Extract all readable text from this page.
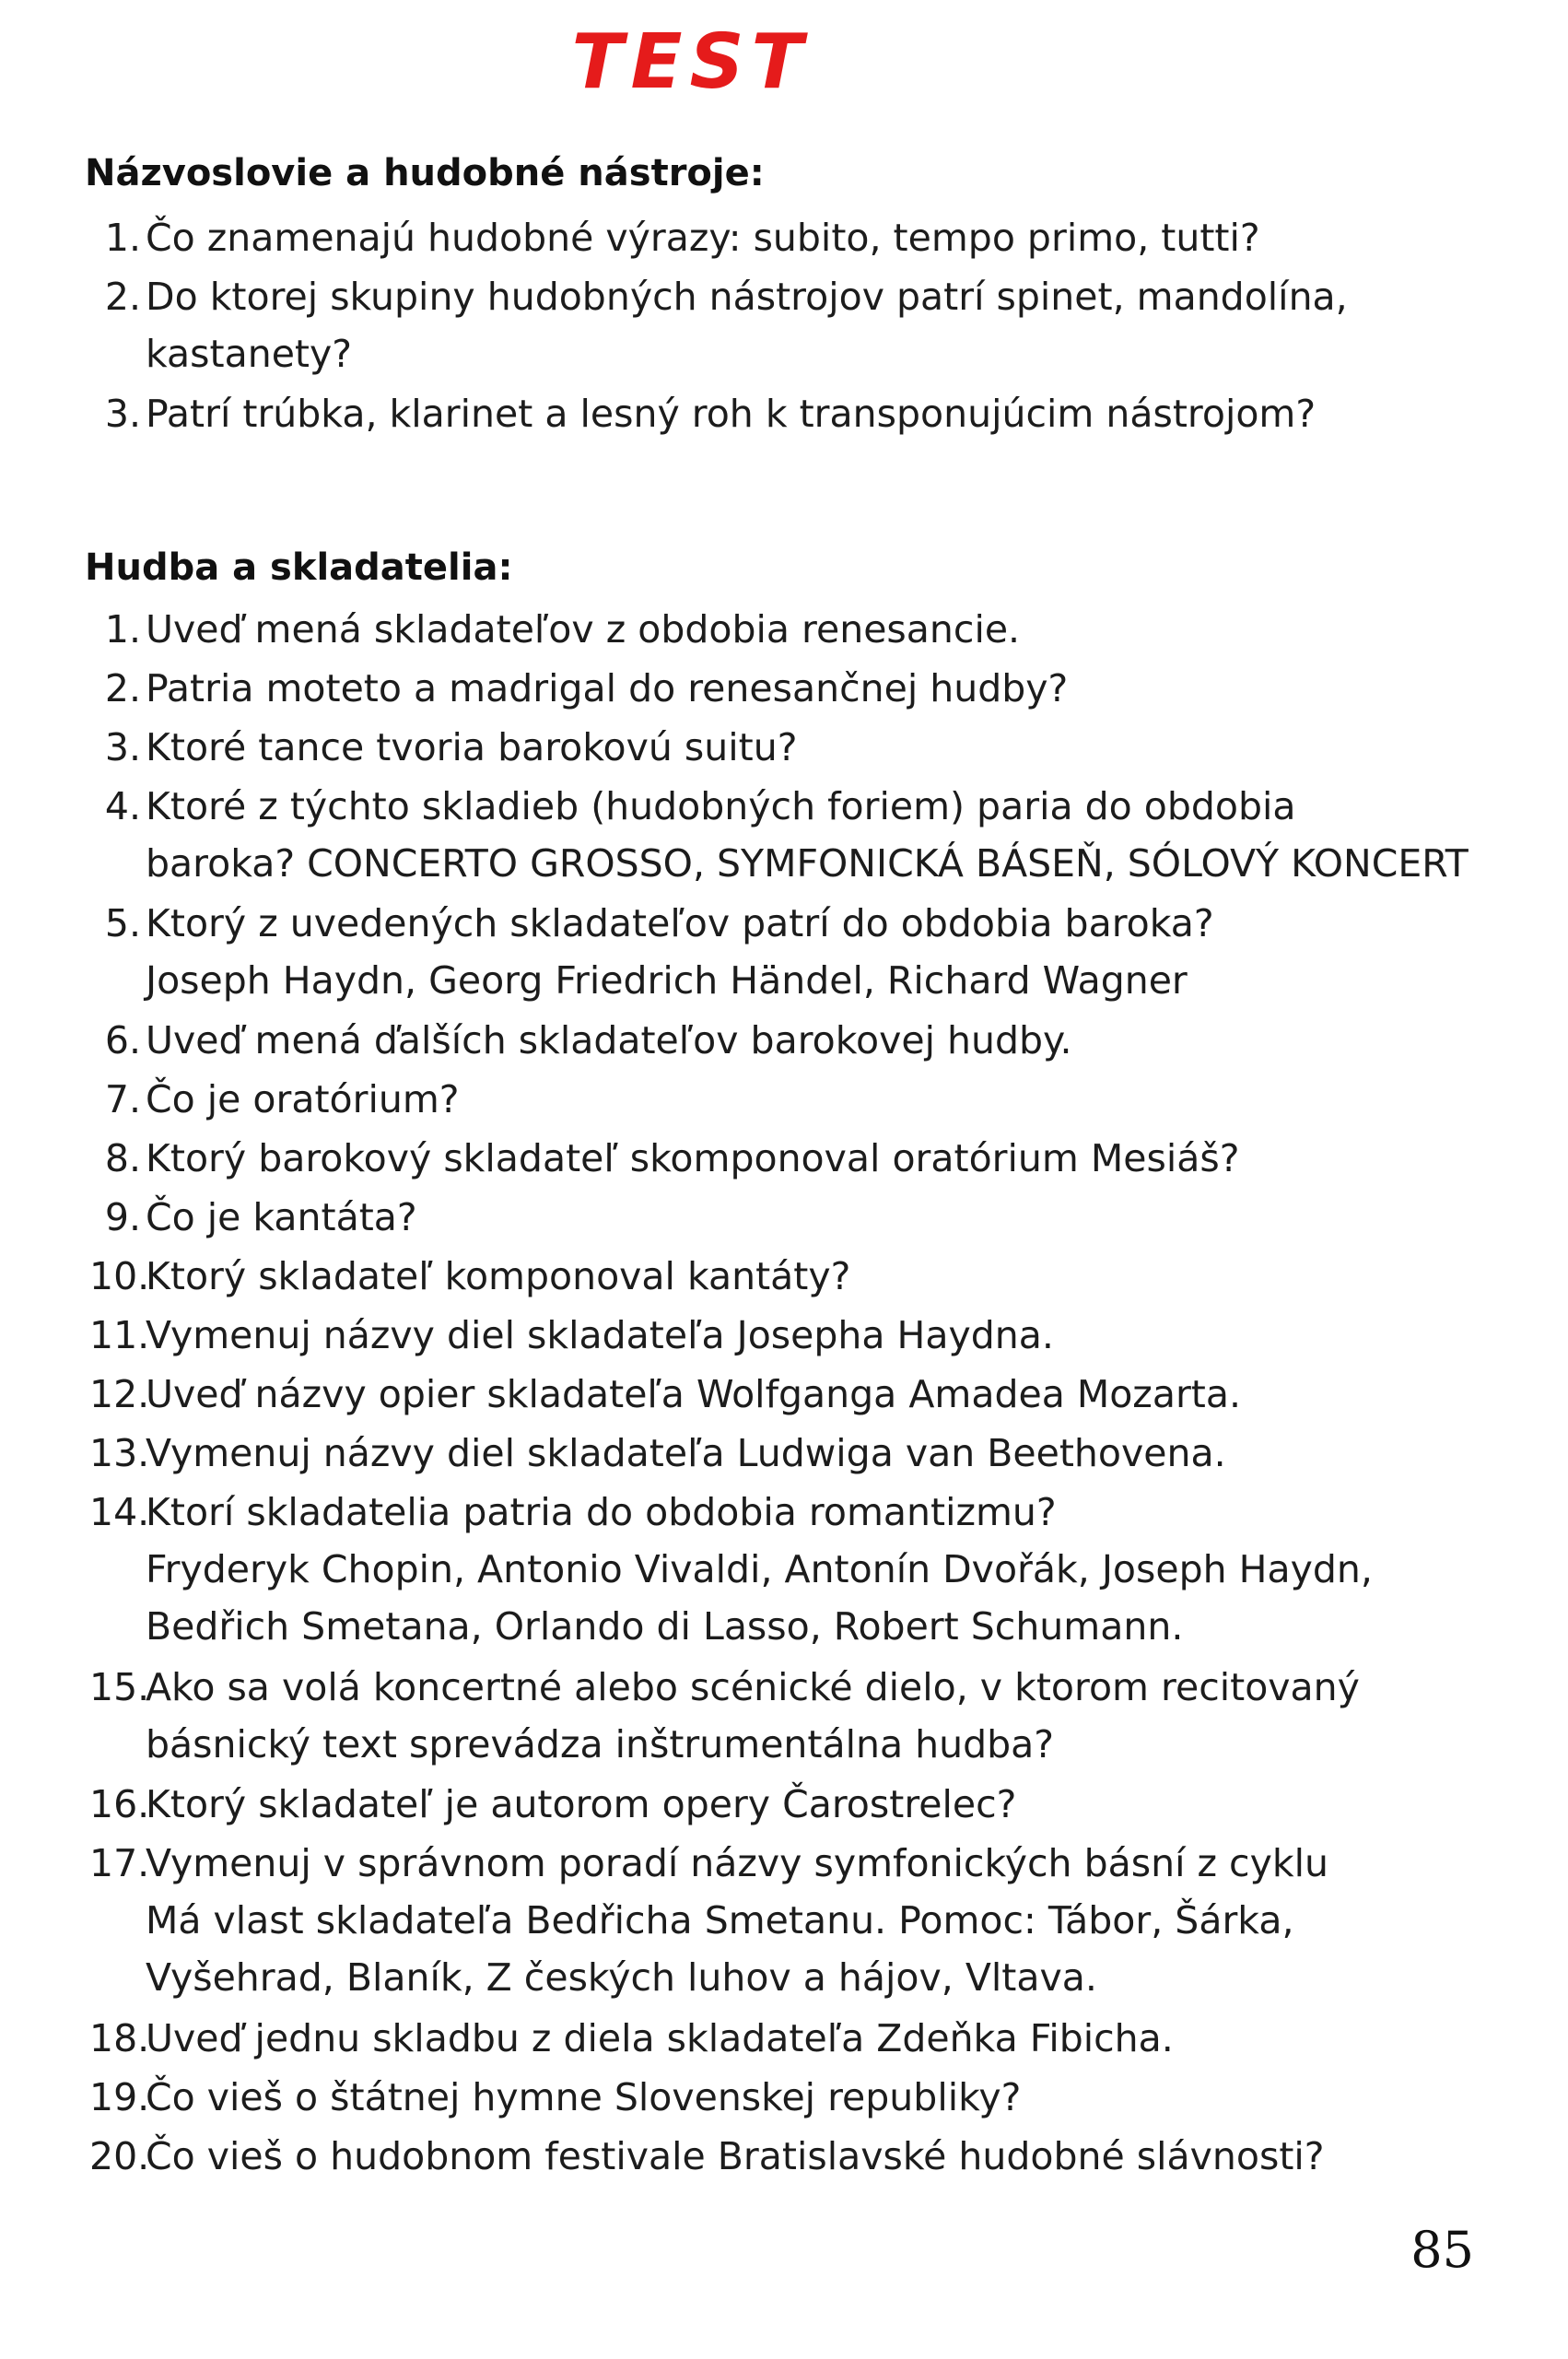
TEST
Názvoslovie a hudobné nástroje:
Hudba a skladatelia:
1. Čo znamenajú hudobné výrazy: subito, tempo primo, tutti?
2. Do ktorej skupiny hudobných nástrojov patrí spinet, mandolína,
kastanety?
3. Patrí trúbka, klarinet a lesný roh k transponujúcim nástrojom?
1. Uveď mená skladateľov z obdobia renesancie.
2. Patria moteto a madrigal do renesančnej hudby?
3. Ktoré tance tvoria barokovú suitu?
4. Ktoré z týchto skladieb (hudobných foriem) paria do obdobia
baroka? CONCERTO GROSSO, SYMFONICKÁ BÁSEŇ, SÓLOVÝ KONCERT
5. Ktorý z uvedených skladateľov patrí do obdobia baroka?
Joseph Haydn, Georg Friedrich Händel, Richard Wagner
6. Uveď mená ďalších skladateľov barokovej hudby.
7. Čo je oratórium?
8. Ktorý barokový skladateľ skomponoval oratórium Mesiáš?
9. Čo je kantáta?
10.
Ktorý skladateľ komponoval kantáty?
11.
Vymenuj názvy diel skladateľa Josepha Haydna.
12.
Uveď názvy opier skladateľa Wolfganga Amadea Mozarta.
13.
Vymenuj názvy diel skladateľa Ludwiga van Beethovena.
14.
Ktorí skladatelia patria do obdobia romantizmu?
Fryderyk Chopin, Antonio Vivaldi, Antonín Dvořák, Joseph Haydn,
Bedřich Smetana, Orlando di Lasso, Robert Schumann.
15.
Ako sa volá koncertné alebo scénické dielo, v ktorom recitovaný
básnický text sprevádza inštrumentálna hudba?
16.
Ktorý skladateľ je autorom opery Čarostrelec?
17.
Vymenuj v správnom poradí názvy symfonických básní z cyklu
Má vlast skladateľa Bedřicha Smetanu. Pomoc: Tábor, Šárka,
Vyšehrad, Blaník, Z českých luhov a hájov, Vltava.
18.
Uveď jednu skladbu z diela skladateľa Zdeňka Fibicha.
19.
Čo vieš o štátnej hymne Slovenskej republiky?
20.
Čo vieš o hudobnom festivale Bratislavské hudobné slávnosti?
85
